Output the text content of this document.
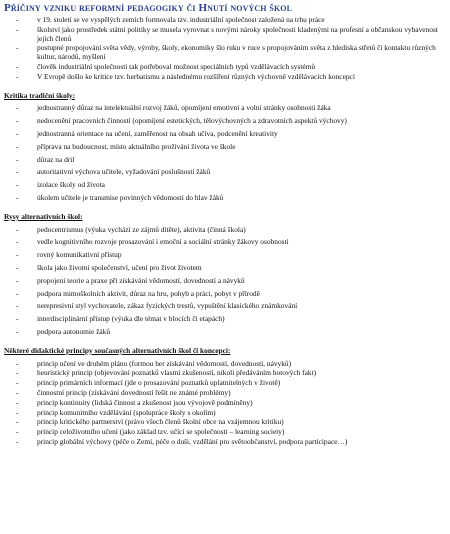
Příčiny vzniku reformní pedagogiky či Hnutí nových škol
- v 19. století se ve vyspělých zemích formovala tzv. industriální společnost založená na trhu práce
- školství jako prostředek státní politiky se musela vyrovnat s novými nároky společnosti kladenými na profesní a občanskou vybavenost jejích členů
- postupné propojování světa vědy, výroby, školy, ekonomiky šlo ruku v ruce s propojováním světa z hlediska střetů či kontaktu různých kultur, národů, myšlení
- člověk industriální společnosti tak potřeboval možnost speciálních typů vzdělávacích systémů
- V Evropě došlo ke kritice tzv. herbatismu a následnému rozšíření různých výchovně vzdělávacích koncepcí
Kritika tradiční školy:
- jednostranný důraz na intelektuální rozvoj žáků, opomíjení emotivní a volní stránky osobnosti žáka
- nedocenění pracovních činností (opomíjení estetických, tělovýchovných a zdravotních aspektů výchovy)
- jednostranná orientace na učení, zaměřenost na obsah učiva, podcenění kreativity
- příprava na budoucnost, místo aktuálního prožívání života ve škole
- důraz na dril
- autoritativní výchova učitele, vyžadování poslušnosti žáků
- izolace školy od života
- úkolem učitele je transmise povinných vědomostí do hlav žáků
Rysy alternativních škol:
- pedocentrismus (výuka vychází ze zájmů dítěte), aktivita (činná škola)
- vedle kognitivního rozvoje prosazování i emoční a sociální stránky žákovy osobnosti
- rovný komunikativní přístup
- škola jako životní společenství, učení pro život životem
- propojení teorie a praxe při získávání vědomostí, dovedností a návyků
- podpora mimoškolních aktivit, důraz na hru, pohyb a práci, pobyt v přírodě
- nerepresivní styl vychovatele, zákaz fyzických trestů, vypuštění klasického známkování
- interdisciplinární přístup (výuka dle témat v blocích či etapách)
- podpora autonomie žáků
Některé didaktické principy současných alternativních škol či koncepcí:
- princip učení ve druhém plánu (formou her získávání vědomostí, dovedností, návyků)
- heuristický princip (objevování poznatků vlastní zkušeností, nikoli předáváním hotových fakt)
- princip primárních informací (jde o prosazování poznatků uplatnitelných v životě)
- činnostní princip (získávání dovedností řešit ne známé problémy)
- princip kontinuity (lidská činnost a zkušenost jsou vývojově podmíněny)
- princip komunitního vzdělávání (spolupráce školy s okolím)
- princip kritického partnerství (právo všech členů školní obce na vzájemnou kritiku)
- princip celoživotního učení (jako základ tzv. učící se společnosti – learning society)
- princip globální výchovy (péče o Zemi, péče o duši, vzdělání pro světoobčanství, podpora participace…)
